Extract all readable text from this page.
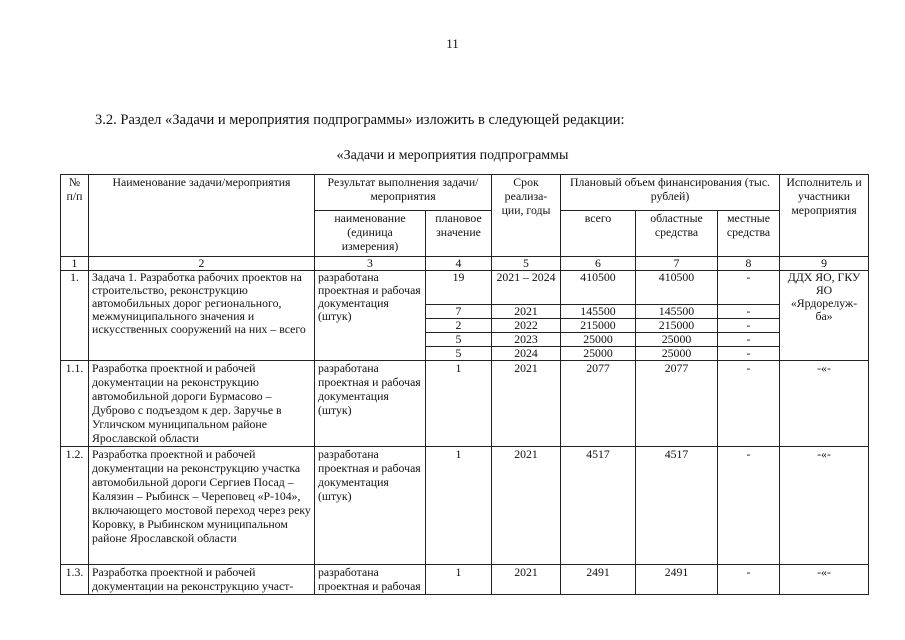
11
3.2. Раздел «Задачи и мероприятия подпрограммы» изложить в следующей редакции:
«Задачи и мероприятия подпрограммы
№ п/п	Наименование задачи/мероприятия	Результат выполнения задачи/мероприятия		Срок реализа-ции, годы	Плановый объем финансирования (тыс. рублей)			Исполнитель и участники мероприятия
		наименование (единица измерения)	плановое значение		всего	областные средства	местные средства	
1	2	3	4	5	6	7	8	9
1.	Задача 1. Разработка рабочих проектов на строительство, реконструкцию автомобильных дорог регионального, межмуниципального значения и искусственных сооружений на них – всего	разработана проектная и рабочая документация (штук)	19	2021 – 2024	410500	410500	-	ДДХ ЯО, ГКУ ЯО «Ярдорелуж-ба»
			7	2021	145500	145500	-	
			2	2022	215000	215000	-	
			5	2023	25000	25000	-	
			5	2024	25000	25000	-	
1.1.	Разработка проектной и рабочей документации на реконструкцию автомобильной дороги Бурмасово – Дуброво с подъездом к дер. Заручье в Угличском муниципальном районе Ярославской области	разработана проектная и рабочая документация (штук)	1	2021	2077	2077	-	-«-
1.2.	Разработка проектной и рабочей документации на реконструкцию участка автомобильной дороги Сергиев Посад – Калязин – Рыбинск – Череповец «Р-104», включающего мостовой переход через реку Коровку, в Рыбинском муниципальном районе Ярославской области	разработана проектная и рабочая документация (штук)	1	2021	4517	4517	-	-«-
1.3.	Разработка проектной и рабочей документации на реконструкцию участ-	разработана проектная и рабочая	1	2021	2491	2491	-	-«-
